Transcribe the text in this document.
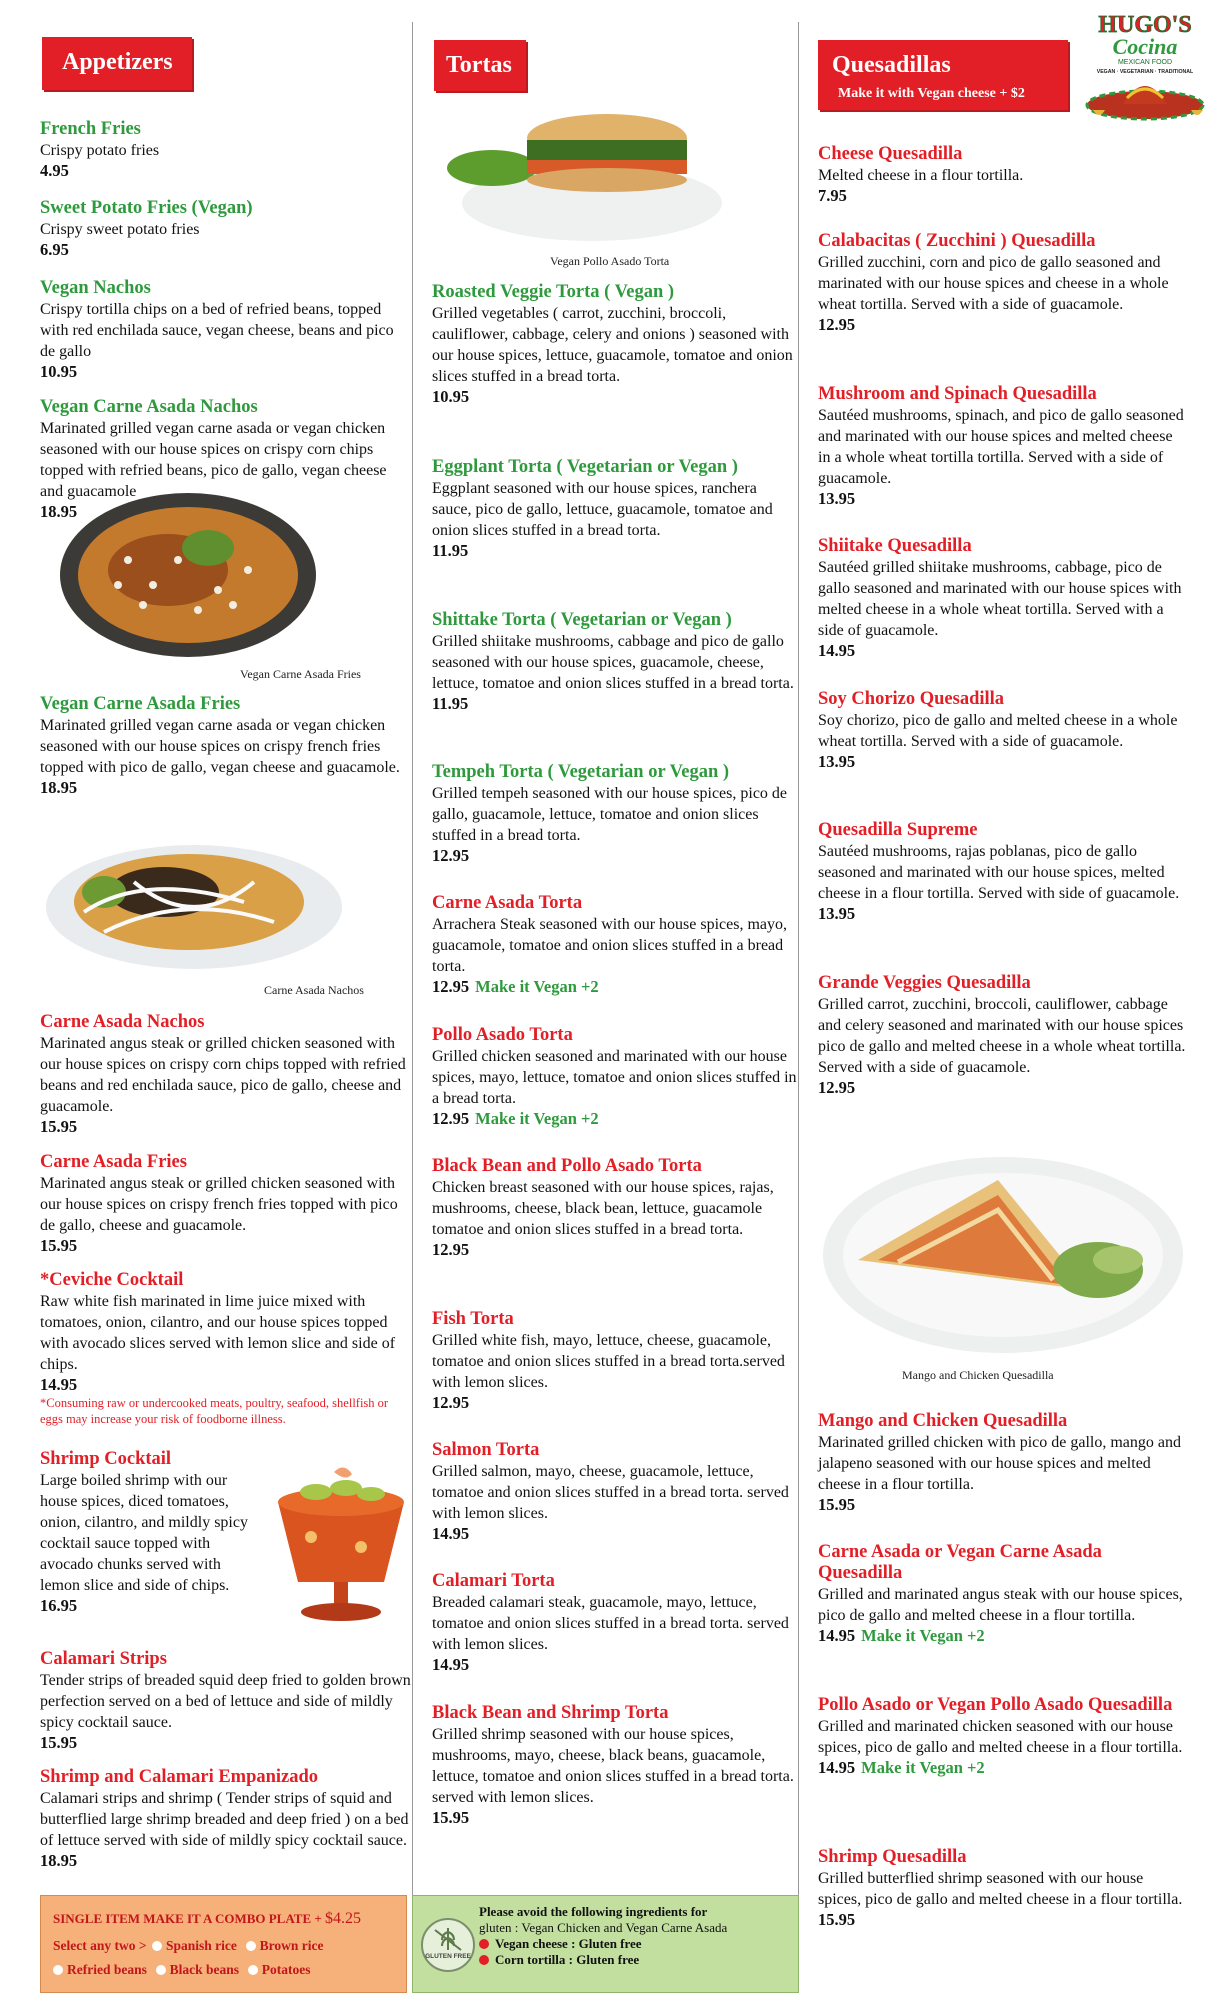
HUGO'S
Cocina
MEXICAN FOOD
VEGAN · VEGETARIAN · TRADITIONAL
Appetizers
French Fries
Crispy potato fries
4.95
Sweet Potato Fries (Vegan)
Crispy sweet potato fries
6.95
Vegan Nachos
Crispy tortilla chips on a bed of refried beans, topped with red enchilada sauce, vegan cheese, beans and pico de gallo
10.95
Vegan Carne Asada Nachos
Marinated grilled vegan carne asada or vegan chicken seasoned with our house spices on crispy corn chips topped with refried beans, pico de gallo, vegan cheese and guacamole
18.95
Vegan Carne Asada Fries
Vegan Carne Asada Fries
Marinated grilled vegan carne asada or vegan chicken seasoned with our house spices on crispy french fries topped with pico de gallo, vegan cheese and guacamole.
18.95
Carne Asada Nachos
Carne Asada Nachos
Marinated angus steak or grilled chicken seasoned with our house spices on crispy corn chips topped with refried beans and red enchilada sauce, pico de gallo, cheese and guacamole.
15.95
Carne Asada Fries
Marinated angus steak or grilled chicken seasoned with our house spices on crispy french fries topped with pico de gallo, cheese and guacamole.
15.95
*Ceviche Cocktail
Raw white fish marinated in lime juice mixed with tomatoes, onion, cilantro, and our house spices topped with avocado slices served with lemon slice and side of chips.
14.95
*Consuming raw or undercooked meats, poultry, seafood, shellfish or eggs may increase your risk of foodborne illness.
Shrimp Cocktail
Large boiled shrimp with our house spices, diced tomatoes, onion, cilantro, and mildly spicy cocktail sauce topped with avocado chunks served with lemon slice and side of chips.
16.95
Calamari Strips
Tender strips of breaded squid deep fried to golden brown perfection served on a bed of lettuce and side of mildly spicy cocktail sauce.
15.95
Shrimp and Calamari Empanizado
Calamari strips and shrimp ( Tender strips of squid and butterflied large shrimp breaded and deep fried ) on a bed of lettuce served with side of mildly spicy cocktail sauce.
18.95
Tortas
Vegan Pollo Asado Torta
Roasted Veggie Torta ( Vegan )
Grilled vegetables ( carrot, zucchini, broccoli, cauliflower, cabbage, celery and onions ) seasoned with our house spices, lettuce, guacamole, tomatoe and onion slices stuffed in a bread torta.
10.95
Eggplant Torta ( Vegetarian or Vegan )
Eggplant seasoned with our house spices, ranchera sauce, pico de gallo, lettuce, guacamole, tomatoe and onion slices stuffed in a bread torta.
11.95
Shittake Torta ( Vegetarian or Vegan )
Grilled shiitake mushrooms, cabbage and pico de gallo seasoned with our house spices, guacamole, cheese, lettuce, tomatoe and onion slices stuffed in a bread torta.
11.95
Tempeh Torta ( Vegetarian or Vegan )
Grilled tempeh seasoned with our house spices, pico de gallo, guacamole, lettuce, tomatoe and onion slices stuffed in a bread torta.
12.95
Carne Asada Torta
Arrachera Steak seasoned with our house spices, mayo, guacamole, tomatoe and onion slices stuffed in a bread torta.
12.95 Make it Vegan +2
Pollo Asado Torta
Grilled chicken seasoned and marinated with our house spices, mayo, lettuce, tomatoe and onion slices stuffed in a bread torta.
12.95 Make it Vegan +2
Black Bean and Pollo Asado Torta
Chicken breast seasoned with our house spices, rajas, mushrooms, cheese, black bean, lettuce, guacamole tomatoe and onion slices stuffed in a bread torta.
12.95
Fish Torta
Grilled white fish, mayo, lettuce, cheese, guacamole, tomatoe and onion slices stuffed in a bread torta.served with lemon slices.
12.95
Salmon Torta
Grilled salmon, mayo, cheese, guacamole, lettuce, tomatoe and onion slices stuffed in a bread torta. served with lemon slices.
14.95
Calamari Torta
Breaded calamari steak, guacamole, mayo, lettuce, tomatoe and onion slices stuffed in a bread torta. served with lemon slices.
14.95
Black Bean and Shrimp Torta
Grilled shrimp seasoned with our house spices, mushrooms, mayo, cheese, black beans, guacamole, lettuce, tomatoe and onion slices stuffed in a bread torta. served with lemon slices.
15.95
Quesadillas
Make it with Vegan cheese + $2
Cheese Quesadilla
Melted cheese in a flour tortilla.
7.95
Calabacitas ( Zucchini ) Quesadilla
Grilled zucchini, corn and pico de gallo seasoned and marinated with our house spices and cheese in a whole wheat tortilla. Served with a side of guacamole.
12.95
Mushroom and Spinach Quesadilla
Sautéed mushrooms, spinach, and pico de gallo seasoned and marinated with our house spices and melted cheese in a whole wheat tortilla tortilla. Served with a side of guacamole.
13.95
Shiitake Quesadilla
Sautéed grilled shiitake mushrooms, cabbage, pico de gallo seasoned and marinated with our house spices with melted cheese in a whole wheat tortilla. Served with a side of guacamole.
14.95
Soy Chorizo Quesadilla
Soy chorizo, pico de gallo and melted cheese in a whole wheat tortilla. Served with a side of guacamole.
13.95
Quesadilla Supreme
Sautéed mushrooms, rajas poblanas, pico de gallo seasoned and marinated with our house spices, melted cheese in a flour tortilla. Served with side of guacamole.
13.95
Grande Veggies Quesadilla
Grilled carrot, zucchini, broccoli, cauliflower, cabbage and celery seasoned and marinated with our house spices pico de gallo and melted cheese in a whole wheat tortilla. Served with a side of guacamole.
12.95
Mango and Chicken Quesadilla
Mango and Chicken Quesadilla
Marinated grilled chicken with pico de gallo, mango and jalapeno seasoned with our house spices and melted cheese in a flour tortilla.
15.95
Carne Asada or Vegan Carne Asada Quesadilla
Grilled and marinated angus steak with our house spices, pico de gallo and melted cheese in a flour tortilla.
14.95 Make it Vegan +2
Pollo Asado or Vegan Pollo Asado Quesadilla
Grilled and marinated chicken seasoned with our house spices, pico de gallo and melted cheese in a flour tortilla.
14.95 Make it Vegan +2
Shrimp Quesadilla
Grilled butterflied shrimp seasoned with our house spices, pico de gallo and melted cheese in a flour tortilla.
15.95
SINGLE ITEM MAKE IT A COMBO PLATE + $4.25
Select any two > Spanish rice Brown rice
Refried beans Black beans Potatoes
GLUTEN FREE
Please avoid the following ingredients for
gluten : Vegan Chicken and Vegan Carne Asada
Vegan cheese : Gluten free
Corn tortilla : Gluten free
